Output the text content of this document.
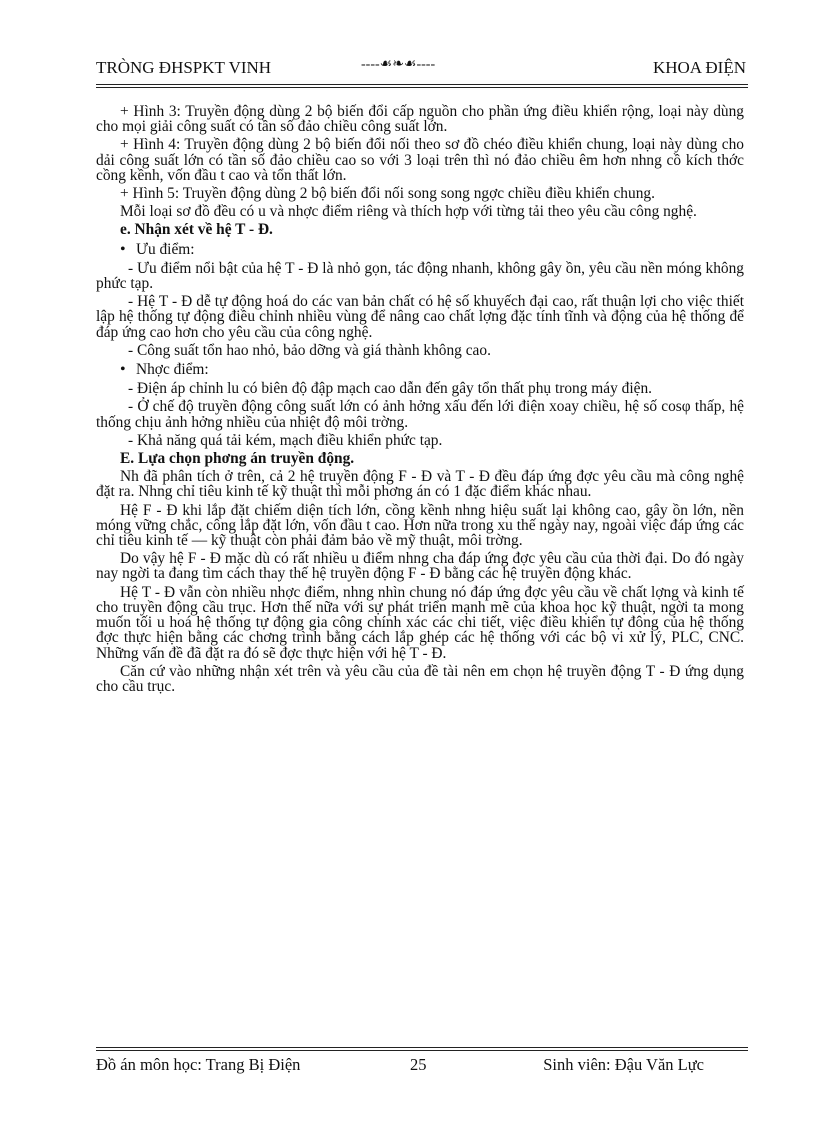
TRÒNG ĐHSPKT VINH	----☙❧☙----	KHOA ĐIỆN

+ Hình 3: Truyền động dùng 2 bộ biến đổi cấp nguồn cho phần ứng điều khiển rộng, loại này dùng cho mọi giải công suất có tần số đảo chiều công suất lớn.

+ Hình 4: Truyền động dùng 2 bộ biến đổi nối theo sơ đồ chéo điều khiển chung, loại này dùng cho dải công suất lớn có tần số đảo chiều cao so với 3 loại trên thì nó đảo chiều êm hơn nhng cồ kích thớc cồng kềnh, vốn đầu t cao và tổn thất lớn.

+ Hình 5: Truyền động dùng 2 bộ biến đổi nối song song ngợc chiều điều khiển chung.

Mỗi loại sơ đồ đều có u và nhợc điểm riêng và thích hợp với từng tải theo yêu cầu công nghệ.

e. Nhận xét về hệ T - Đ.

• Ưu điểm:

- Ưu điểm nổi bật của hệ T - Đ là nhỏ gọn, tác động nhanh, không gây ồn, yêu cầu nền móng không phức tạp.

- Hệ T - Đ dễ tự động hoá do các van bản chất có hệ số khuyếch đại cao, rất thuận lợi cho việc thiết lập hệ thống tự động điều chỉnh nhiều vùng để nâng cao chất lợng đặc tính tĩnh và động của hệ thống để đáp ứng cao hơn cho yêu cầu của công nghệ.

- Công suất tổn hao nhỏ, bảo dỡng và giá thành không cao.

• Nhợc điểm:

- Điện áp chỉnh lu có biên độ đập mạch cao dẫn đến gây tổn thất phụ trong máy điện.

- Ở chế độ truyền động công suất lớn có ảnh hởng xấu đến lới điện xoay chiều, hệ số cosφ thấp, hệ thống chịu ảnh hởng nhiều của nhiệt độ môi trờng.

- Khả năng quá tải kém, mạch điều khiển phức tạp.

E. Lựa chọn phơng án truyền động.

Nh đã phân tích ở trên, cả 2 hệ truyền động F - Đ và T - Đ đều đáp ứng đợc yêu cầu mà công nghệ đặt ra. Nhng chỉ tiêu kinh tế kỹ thuật thì mỗi phơng án có 1 đặc điểm khác nhau.

Hệ F - Đ khi lắp đặt chiếm diện tích lớn, cồng kềnh nhng hiệu suất lại không cao, gây ồn lớn, nền móng vững chắc, công lắp đặt lớn, vốn đầu t cao. Hơn nữa trong xu thế ngày nay, ngoài việc đáp ứng các chỉ tiêu kinh tế — kỹ thuật còn phải đảm bảo về mỹ thuật, môi trờng.

Do vậy hệ F - Đ mặc dù có rất nhiều u điểm nhng cha đáp ứng đợc yêu cầu của thời đại. Do đó ngày nay ngời ta đang tìm cách thay thế hệ truyền động F - Đ bằng các hệ truyền động khác.

Hệ T - Đ vẫn còn nhiều nhợc điểm, nhng nhìn chung nó đáp ứng đợc yêu cầu về chất lợng và kinh tế cho truyền động cầu trục. Hơn thế nữa với sự phát triển mạnh mẽ của khoa học kỹ thuật, ngời ta mong muốn tối u hoá hệ thống tự động gia công chính xác các chi tiết, việc điều khiển tự đông của hệ thống đợc thực hiện bằng các chơng trình bằng cách lắp ghép các hệ thống với các bộ vi xử lý, PLC, CNC. Những vấn đề đã đặt ra đó sẽ đợc thực hiện với hệ T - Đ.

Căn cứ vào những nhận xét trên và yêu cầu của đề tài nên em chọn hệ truyền động T - Đ ứng dụng cho cầu trục.

Đồ án môn học: Trang Bị Điện	25	Sinh viên: Đậu Văn Lực
